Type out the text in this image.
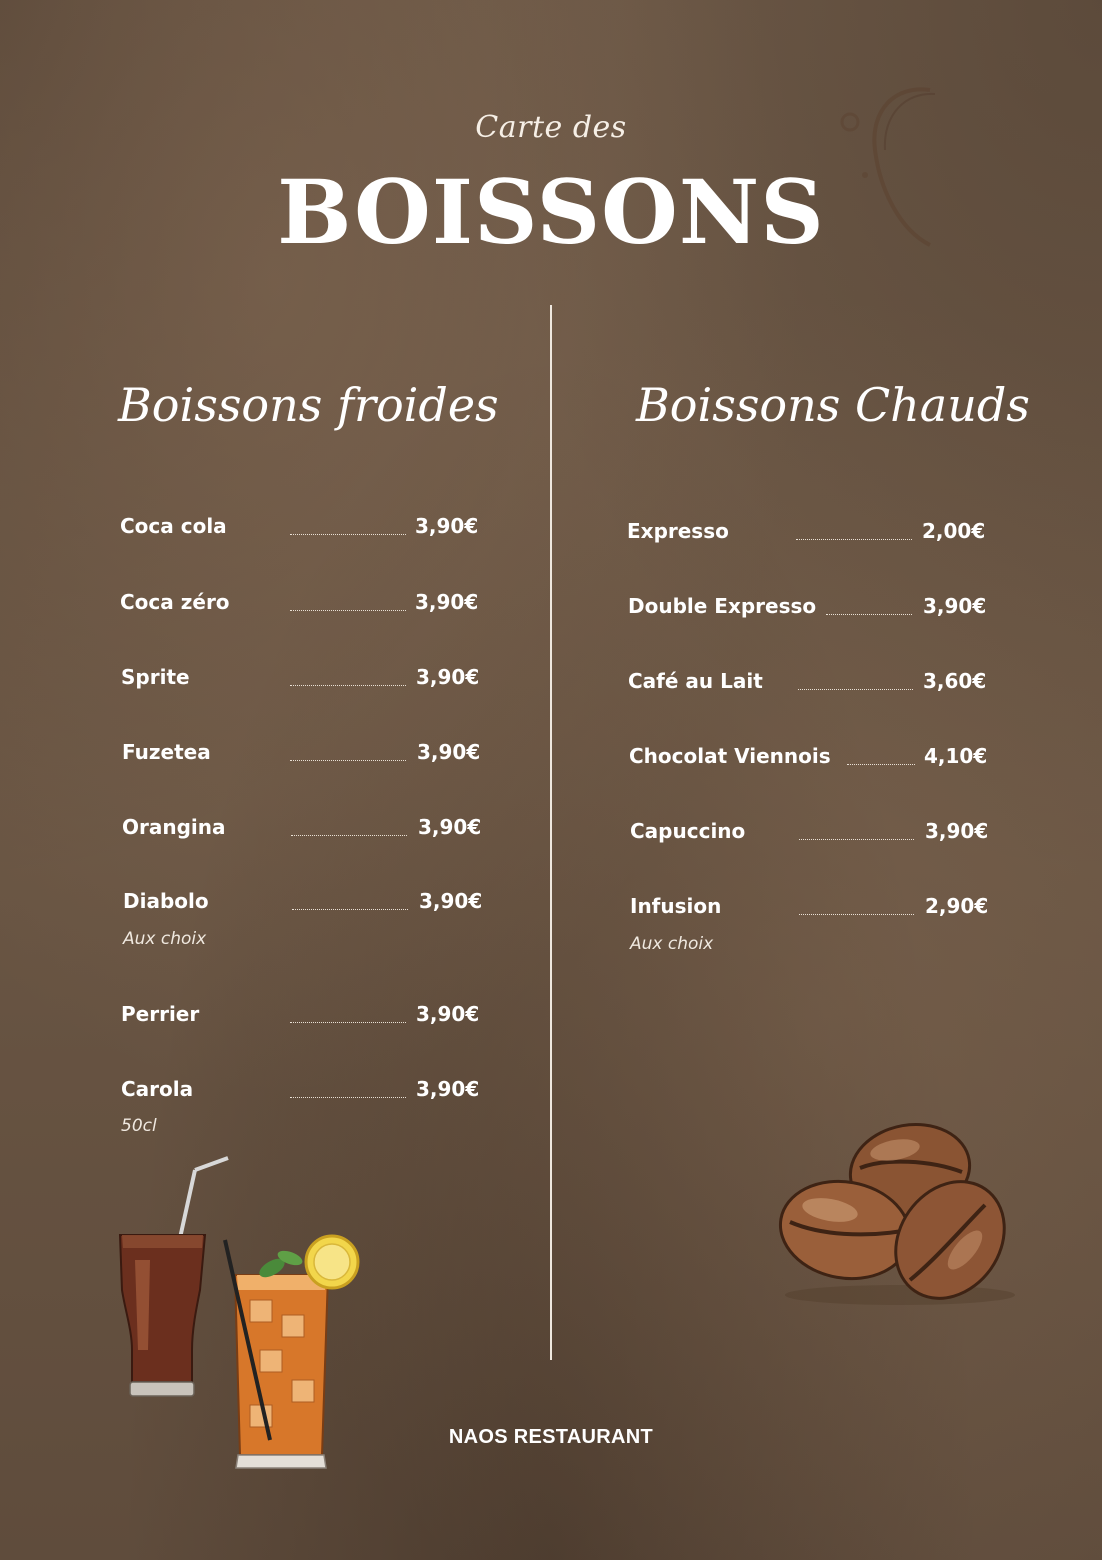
Carte des
BOISSONS
Boissons froides	Boissons Chauds
Coca cola	3,90€
Coca zéro	3,90€
Sprite	3,90€
Fuzetea	3,90€
Orangina	3,90€
Diabolo	3,90€
Aux choix
Perrier	3,90€
Carola	3,90€
50cl
Expresso	2,00€
Double Expresso	3,90€
Café au Lait	3,60€
Chocolat Viennois	4,10€
Capuccino	3,90€
Infusion	2,90€
Aux choix
NAOS RESTAURANT
